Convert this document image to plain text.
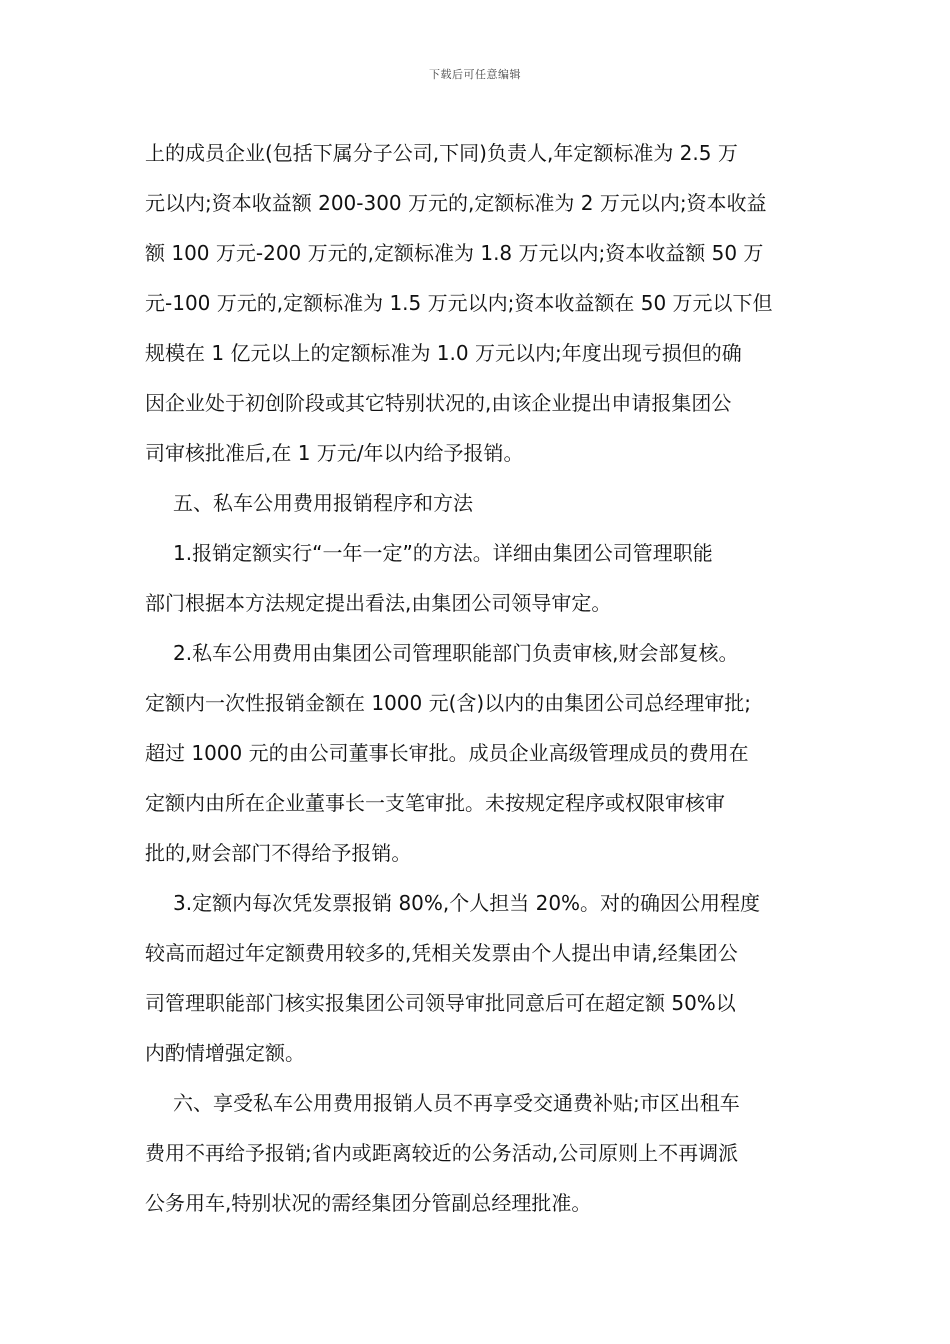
下载后可任意编辑
上的成员企业(包括下属分子公司,下同)负责人,年定额标准为 2.5 万
元以内;资本收益额 200-300 万元的,定额标准为 2 万元以内;资本收益
额 100 万元-200 万元的,定额标准为 1.8 万元以内;资本收益额 50 万
元-100 万元的,定额标准为 1.5 万元以内;资本收益额在 50 万元以下但
规模在 1 亿元以上的定额标准为 1.0 万元以内;年度出现亏损但的确
因企业处于初创阶段或其它特别状况的,由该企业提出申请报集团公
司审核批准后,在 1 万元/年以内给予报销。
五、私车公用费用报销程序和方法
1.报销定额实行“一年一定”的方法。详细由集团公司管理职能
部门根据本方法规定提出看法,由集团公司领导审定。
2.私车公用费用由集团公司管理职能部门负责审核,财会部复核。
定额内一次性报销金额在 1000 元(含)以内的由集团公司总经理审批;
超过 1000 元的由公司董事长审批。成员企业高级管理成员的费用在
定额内由所在企业董事长一支笔审批。未按规定程序或权限审核审
批的,财会部门不得给予报销。
3.定额内每次凭发票报销 80%,个人担当 20%。对的确因公用程度
较高而超过年定额费用较多的,凭相关发票由个人提出申请,经集团公
司管理职能部门核实报集团公司领导审批同意后可在超定额 50%以
内酌情增强定额。
六、享受私车公用费用报销人员不再享受交通费补贴;市区出租车
费用不再给予报销;省内或距离较近的公务活动,公司原则上不再调派
公务用车,特别状况的需经集团分管副总经理批准。
